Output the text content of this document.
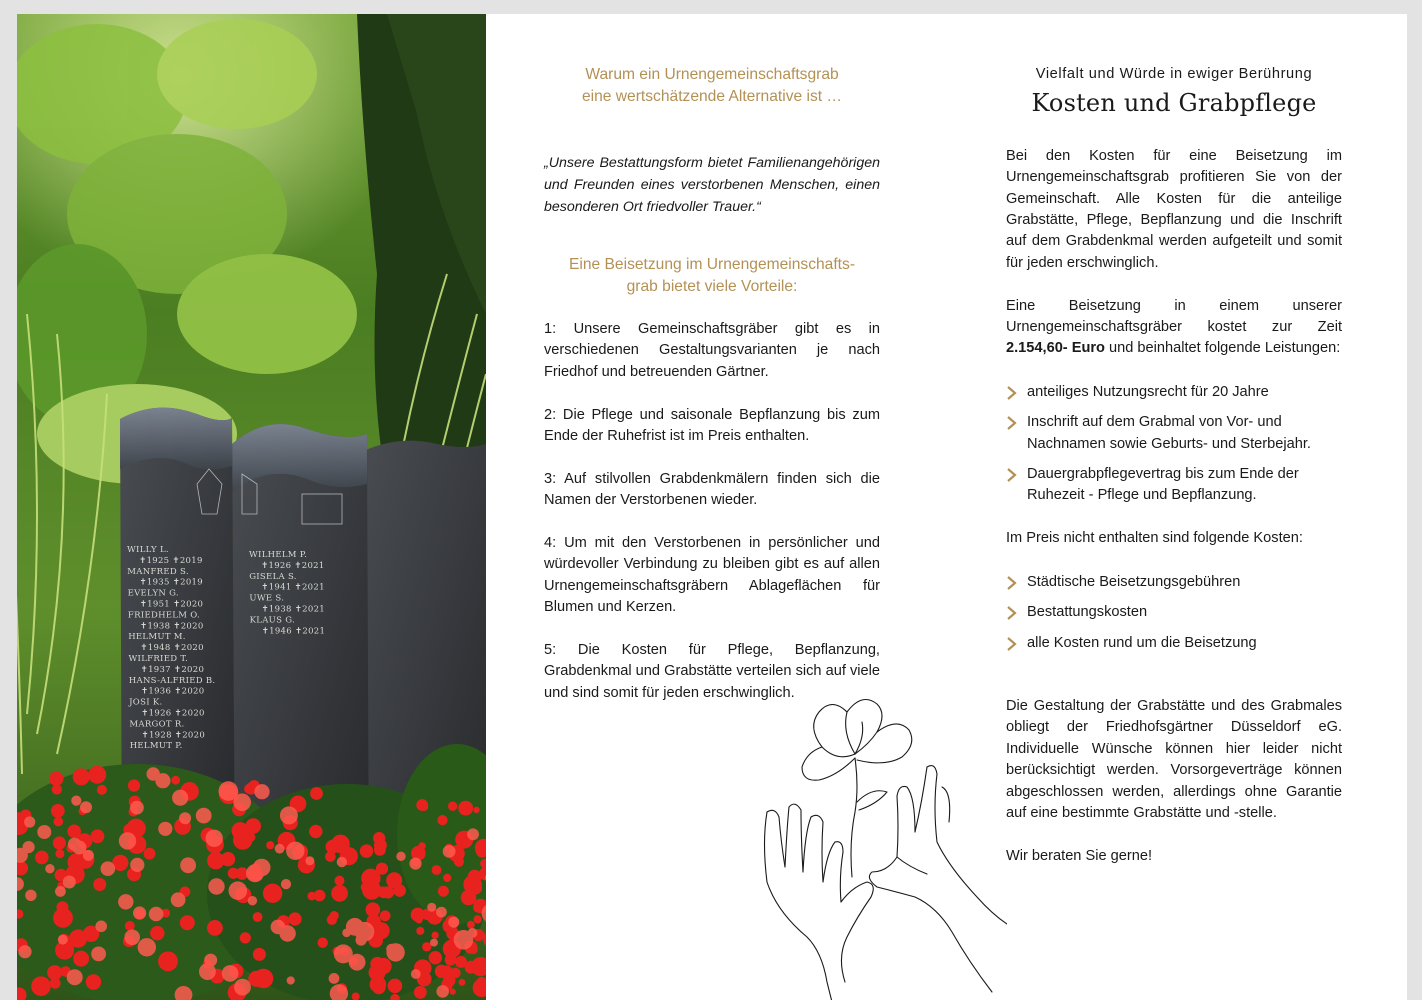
WILLY L.
✝1925 ✝2019
MANFRED S.
✝1935 ✝2019
EVELYN G.
✝1951 ✝2020
FRIEDHELM O.
✝1938 ✝2020
HELMUT M.
✝1948 ✝2020
WILFRIED T.
✝1937 ✝2020
HANS-ALFRIED B.
✝1936 ✝2020
JOSI K.
✝1926 ✝2020
MARGOT R.
✝1928 ✝2020
HELMUT P.
WILHELM P.
✝1926 ✝2021
GISELA S.
✝1941 ✝2021
UWE S.
✝1938 ✝2021
KLAUS G.
✝1946 ✝2021
Warum ein Urnengemeinschaftsgrab
eine wertschätzende Alternative ist …

„Unsere Bestattungsform bietet Familienangehörigen und Freunden eines verstorbenen Menschen, einen besonderen Ort friedvoller Trauer.“

Eine Beisetzung im Urnengemeinschafts-
grab bietet viele Vorteile:
1: Unsere Gemeinschaftsgräber gibt es in verschiedenen Gestaltungsvarianten je nach Friedhof und betreuenden Gärtner.
2: Die Pflege und saisonale Bepflanzung bis zum Ende der Ruhefrist ist im Preis enthalten.
3: Auf stilvollen Grabdenkmälern finden sich die Namen der Verstorbenen wieder.
4: Um mit den Verstorbenen in persönlicher und würdevoller Verbindung zu bleiben gibt es auf allen Urnengemeinschaftsgräbern Ablageflächen für Blumen und Kerzen.
5: Die Kosten für Pflege, Bepflanzung, Grabdenkmal und Grabstätte verteilen sich auf viele und sind somit für jeden erschwinglich.

Vielfalt und Würde in ewiger Berührung

Kosten und Grabpflege

Bei den Kosten für eine Beisetzung im Urnengemeinschaftsgrab profitieren Sie von der Gemeinschaft. Alle Kosten für die anteilige Grabstätte, Pflege, Bepflanzung und die Inschrift auf dem Grabdenkmal werden aufgeteilt und somit für jeden erschwinglich.

Eine Beisetzung in einem unserer Urnengemeinschaftsgräber kostet zur Zeit 2.154,60- Euro und beinhaltet folgende Leistungen:

anteiliges Nutzungsrecht für 20 Jahre
Inschrift auf dem Grabmal von Vor- und Nachnamen sowie Geburts- und Sterbejahr.
Dauergrabpflegevertrag bis zum Ende der Ruhezeit - Pflege und Bepflanzung.

Im Preis nicht enthalten sind folgende Kosten:

Städtische Beisetzungsgebühren
Bestattungskosten
alle Kosten rund um die Beisetzung

Die Gestaltung der Grabstätte und des Grabmales obliegt der Friedhofsgärtner Düsseldorf eG. Individuelle Wünsche können hier leider nicht berücksichtigt werden. Vorsorgeverträge können abgeschlossen werden, allerdings ohne Garantie auf eine bestimmte Grabstätte und -stelle.

Wir beraten Sie gerne!
